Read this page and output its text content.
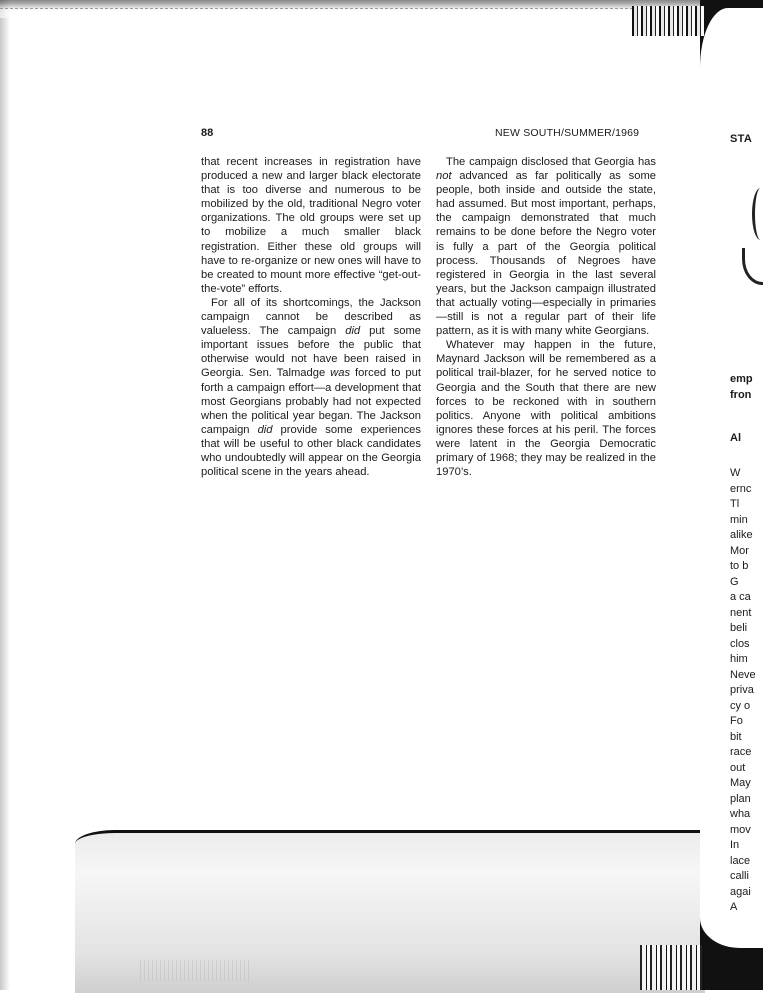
STA
emp
fron
Al
W
ernc
Tl
min
alike
Mor
to b
G
a ca
nent
beli
clos
him
Neve
priva
cy o
Fo
bit
race
out
May
plan
wha
mov
In
lace
calli
agai
A
88	NEW SOUTH/SUMMER/1969

that recent increases in registration have produced a new and larger black electorate that is too diverse and numerous to be mobilized by the old, traditional Negro voter organizations. The old groups were set up to mobilize a much smaller black registration. Either these old groups will have to re-organize or new ones will have to be created to mount more effective “get-out-the-vote” efforts.

For all of its shortcomings, the Jackson campaign cannot be described as valueless. The campaign did put some important issues before the public that otherwise would not have been raised in Georgia. Sen. Talmadge was forced to put forth a campaign effort—a development that most Georgians probably had not expected when the political year began. The Jackson campaign did provide some experiences that will be useful to other black candidates who undoubtedly will appear on the Georgia political scene in the years ahead.

The campaign disclosed that Georgia has not advanced as far politically as some people, both inside and outside the state, had assumed. But most important, perhaps, the campaign demonstrated that much remains to be done before the Negro voter is fully a part of the Georgia political process. Thousands of Negroes have registered in Georgia in the last several years, but the Jackson campaign illustrated that actually voting—especially in primaries—still is not a regular part of their life pattern, as it is with many white Georgians.

Whatever may happen in the future, Maynard Jackson will be remembered as a political trail-blazer, for he served notice to Georgia and the South that there are new forces to be reckoned with in southern politics. Anyone with political ambitions ignores these forces at his peril. The forces were latent in the Georgia Democratic primary of 1968; they may be realized in the 1970’s.
